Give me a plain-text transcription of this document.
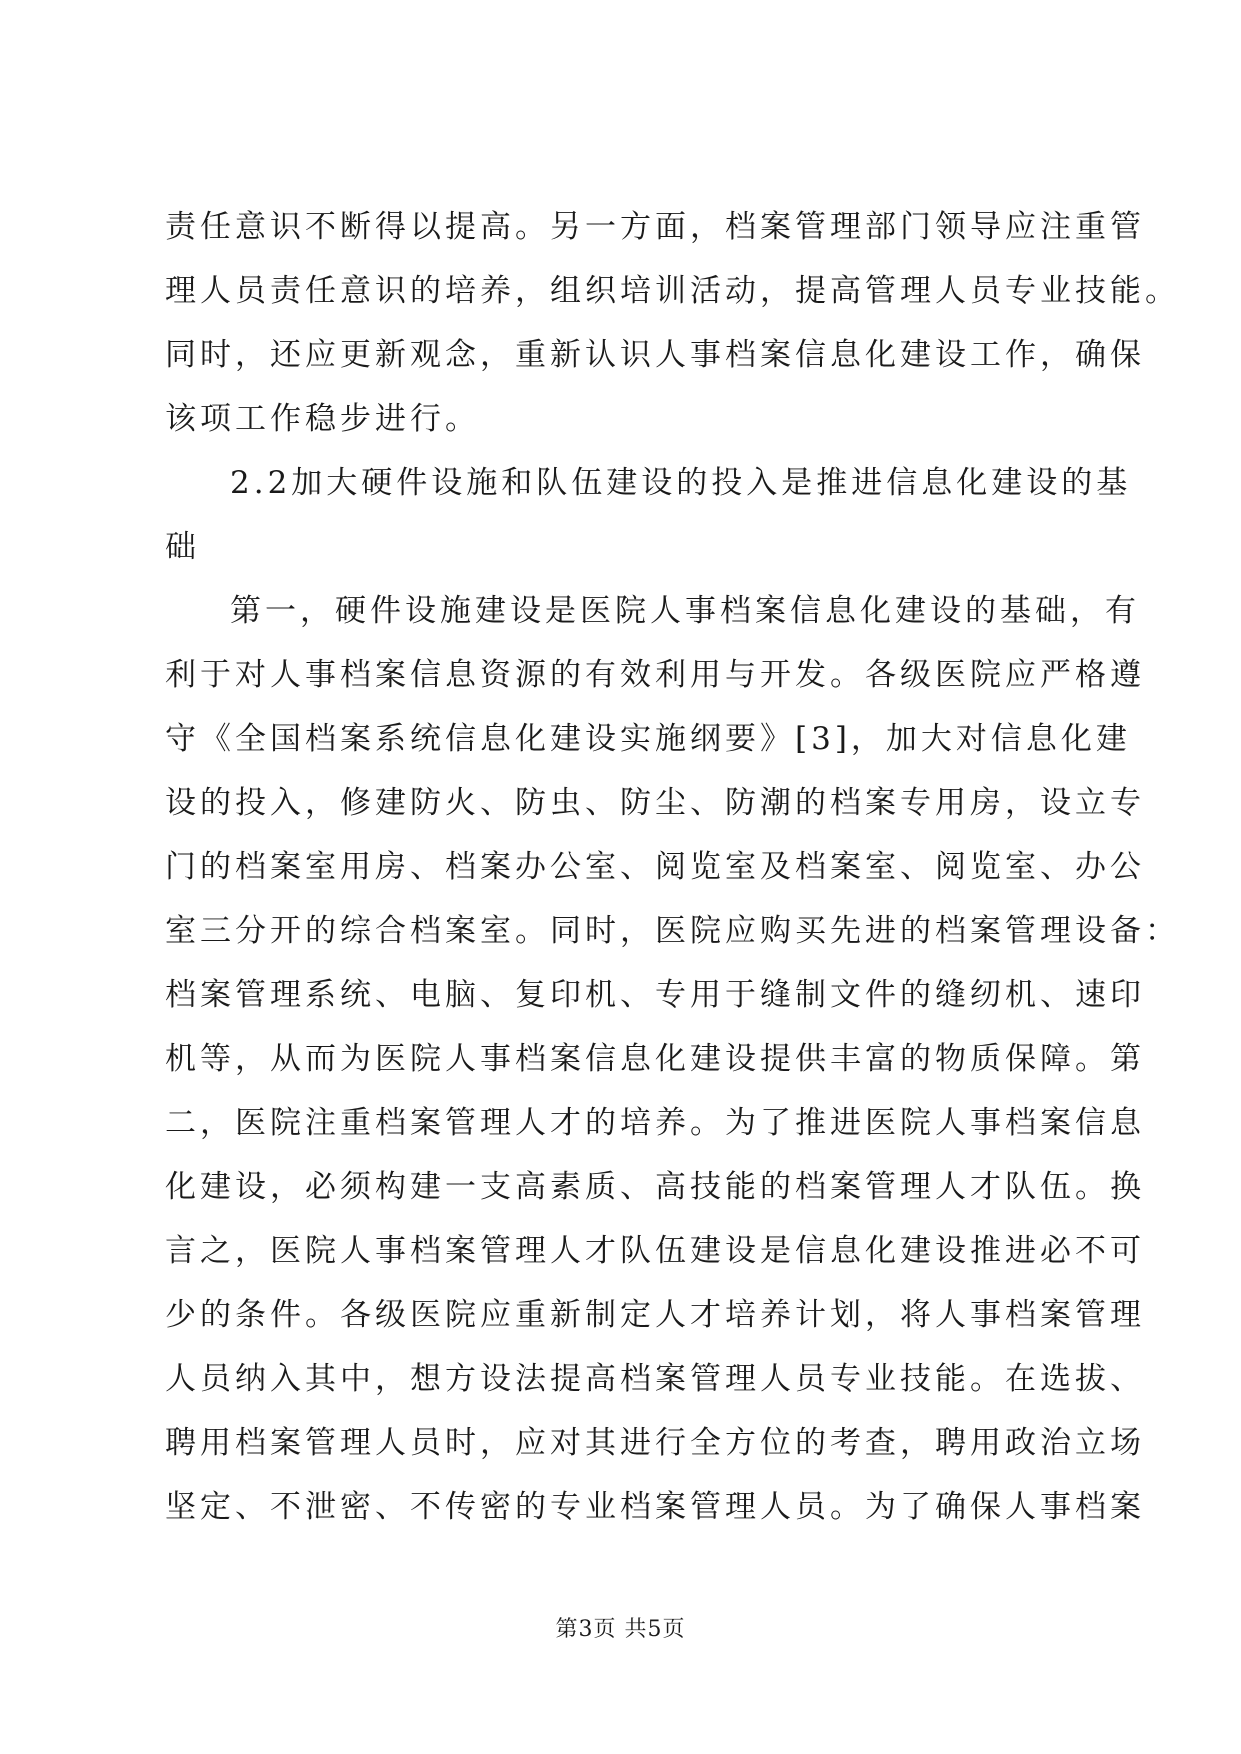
责任意识不断得以提高。另一方面，档案管理部门领导应注重管
理人员责任意识的培养，组织培训活动，提高管理人员专业技能。
同时，还应更新观念，重新认识人事档案信息化建设工作，确保
该项工作稳步进行。
2.2加大硬件设施和队伍建设的投入是推进信息化建设的基
础
第一，硬件设施建设是医院人事档案信息化建设的基础，有
利于对人事档案信息资源的有效利用与开发。各级医院应严格遵
守《全国档案系统信息化建设实施纲要》[3]，加大对信息化建
设的投入，修建防火、防虫、防尘、防潮的档案专用房，设立专
门的档案室用房、档案办公室、阅览室及档案室、阅览室、办公
室三分开的综合档案室。同时，医院应购买先进的档案管理设备：
档案管理系统、电脑、复印机、专用于缝制文件的缝纫机、速印
机等，从而为医院人事档案信息化建设提供丰富的物质保障。第
二，医院注重档案管理人才的培养。为了推进医院人事档案信息
化建设，必须构建一支高素质、高技能的档案管理人才队伍。换
言之，医院人事档案管理人才队伍建设是信息化建设推进必不可
少的条件。各级医院应重新制定人才培养计划，将人事档案管理
人员纳入其中，想方设法提高档案管理人员专业技能。在选拔、
聘用档案管理人员时，应对其进行全方位的考查，聘用政治立场
坚定、不泄密、不传密的专业档案管理人员。为了确保人事档案
第3页 共5页
